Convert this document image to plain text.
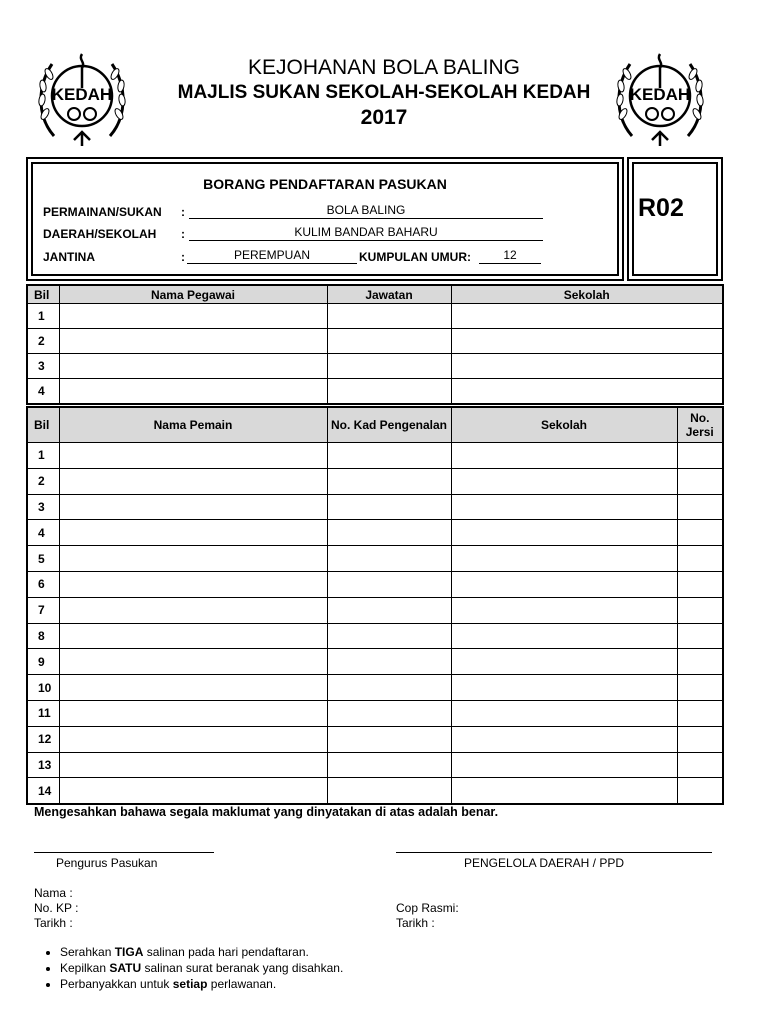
KEDAH	KEDAH
KEJOHANAN BOLA BALING
MAJLIS SUKAN SEKOLAH-SEKOLAH KEDAH
2017
BORANG PENDAFTARAN PASUKAN
PERMAINAN/SUKAN :	BOLA BALING
DAERAH/SEKOLAH :	KULIM BANDAR BAHARU
JANTINA	:	PEREMPUAN	KUMPULAN UMUR:	12
R02
Bil	Nama Pegawai	Jawatan	Sekolah
1			
2			
3			
4			
Bil	Nama Pemain	No. Kad Pengenalan	Sekolah	No. Jersi
1				
2				
3				
4				
5				
6				
7				
8				
9				
10				
11				
12				
13				
14				
Mengesahkan bahawa segala maklumat yang dinyatakan di atas adalah benar.
Pengurus Pasukan	PENGELOLA DAERAH / PPD
Nama :
No. KP :
Tarikh :
Cop Rasmi:
Tarikh :
• Serahkan TIGA salinan pada hari pendaftaran.
• Kepilkan SATU salinan surat beranak yang disahkan.
• Perbanyakkan untuk setiap perlawanan.
